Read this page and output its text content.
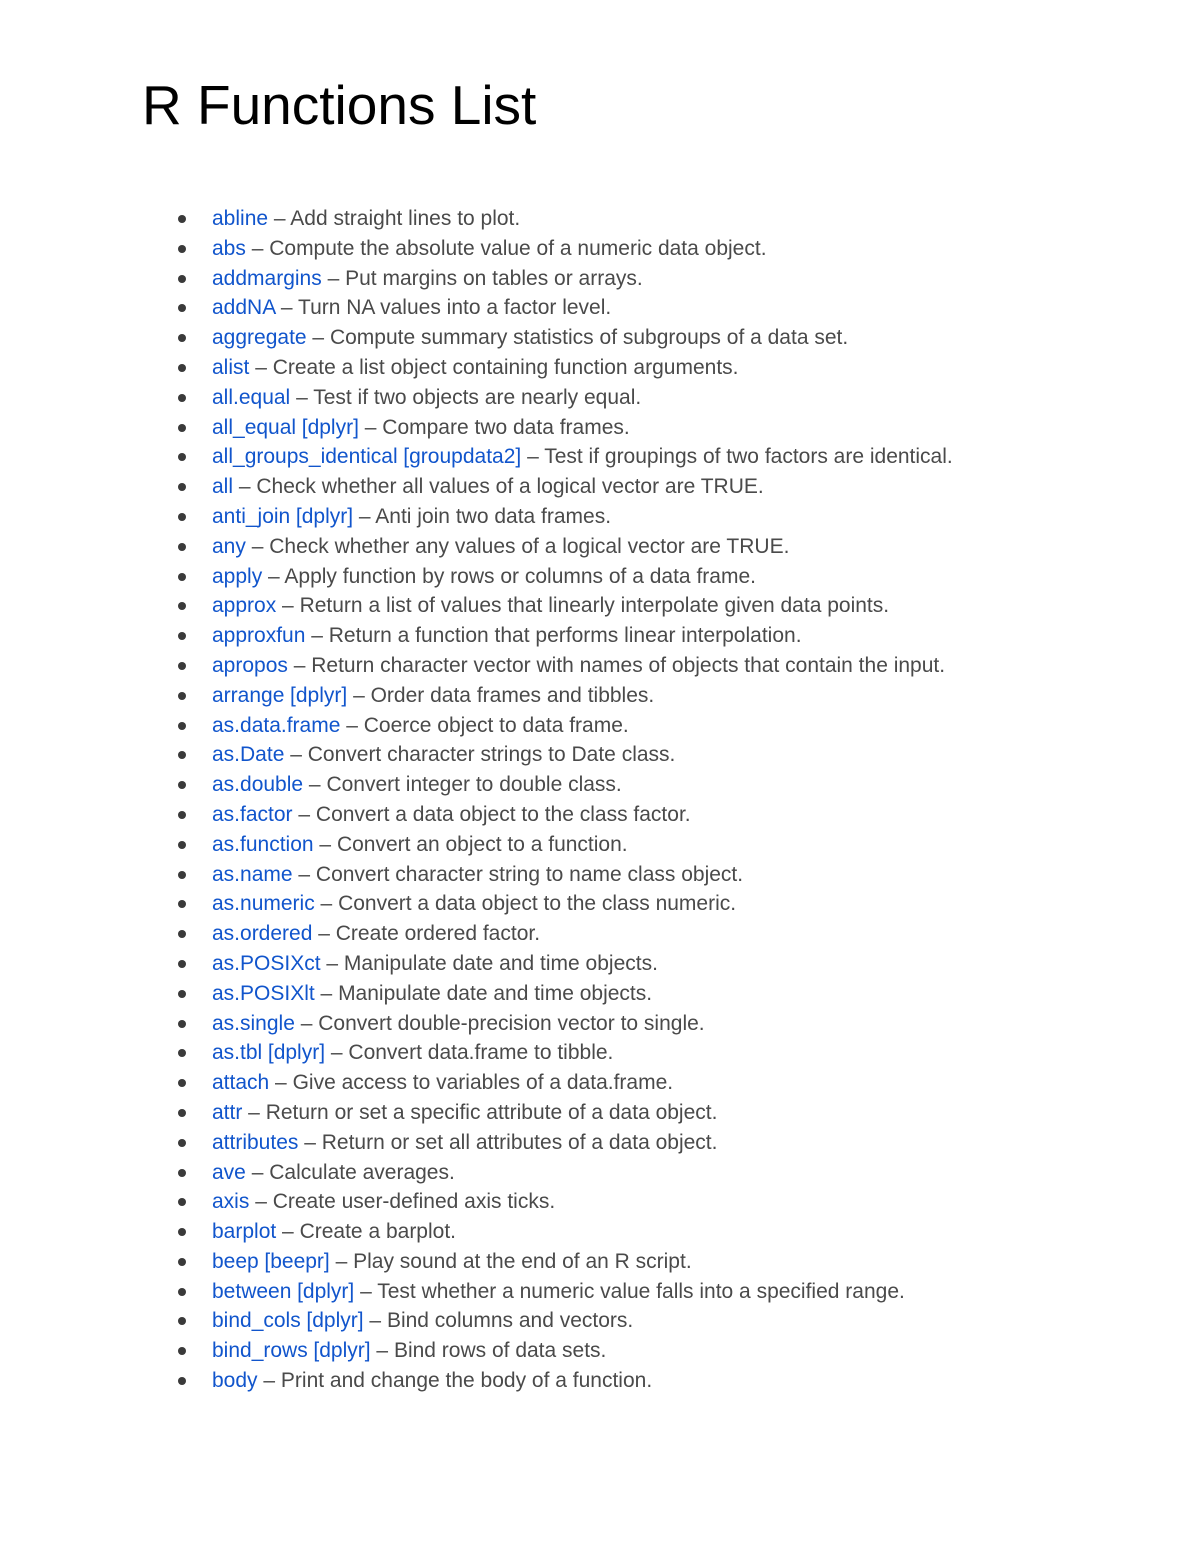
R Functions List
abline – Add straight lines to plot.
abs – Compute the absolute value of a numeric data object.
addmargins – Put margins on tables or arrays.
addNA – Turn NA values into a factor level.
aggregate – Compute summary statistics of subgroups of a data set.
alist – Create a list object containing function arguments.
all.equal – Test if two objects are nearly equal.
all_equal [dplyr] – Compare two data frames.
all_groups_identical [groupdata2] – Test if groupings of two factors are identical.
all – Check whether all values of a logical vector are TRUE.
anti_join [dplyr] – Anti join two data frames.
any – Check whether any values of a logical vector are TRUE.
apply – Apply function by rows or columns of a data frame.
approx – Return a list of values that linearly interpolate given data points.
approxfun – Return a function that performs linear interpolation.
apropos – Return character vector with names of objects that contain the input.
arrange [dplyr] – Order data frames and tibbles.
as.data.frame – Coerce object to data frame.
as.Date – Convert character strings to Date class.
as.double – Convert integer to double class.
as.factor – Convert a data object to the class factor.
as.function – Convert an object to a function.
as.name – Convert character string to name class object.
as.numeric – Convert a data object to the class numeric.
as.ordered – Create ordered factor.
as.POSIXct – Manipulate date and time objects.
as.POSIXlt – Manipulate date and time objects.
as.single – Convert double-precision vector to single.
as.tbl [dplyr] – Convert data.frame to tibble.
attach – Give access to variables of a data.frame.
attr – Return or set a specific attribute of a data object.
attributes – Return or set all attributes of a data object.
ave – Calculate averages.
axis – Create user-defined axis ticks.
barplot – Create a barplot.
beep [beepr] – Play sound at the end of an R script.
between [dplyr] – Test whether a numeric value falls into a specified range.
bind_cols [dplyr] – Bind columns and vectors.
bind_rows [dplyr] – Bind rows of data sets.
body – Print and change the body of a function.
